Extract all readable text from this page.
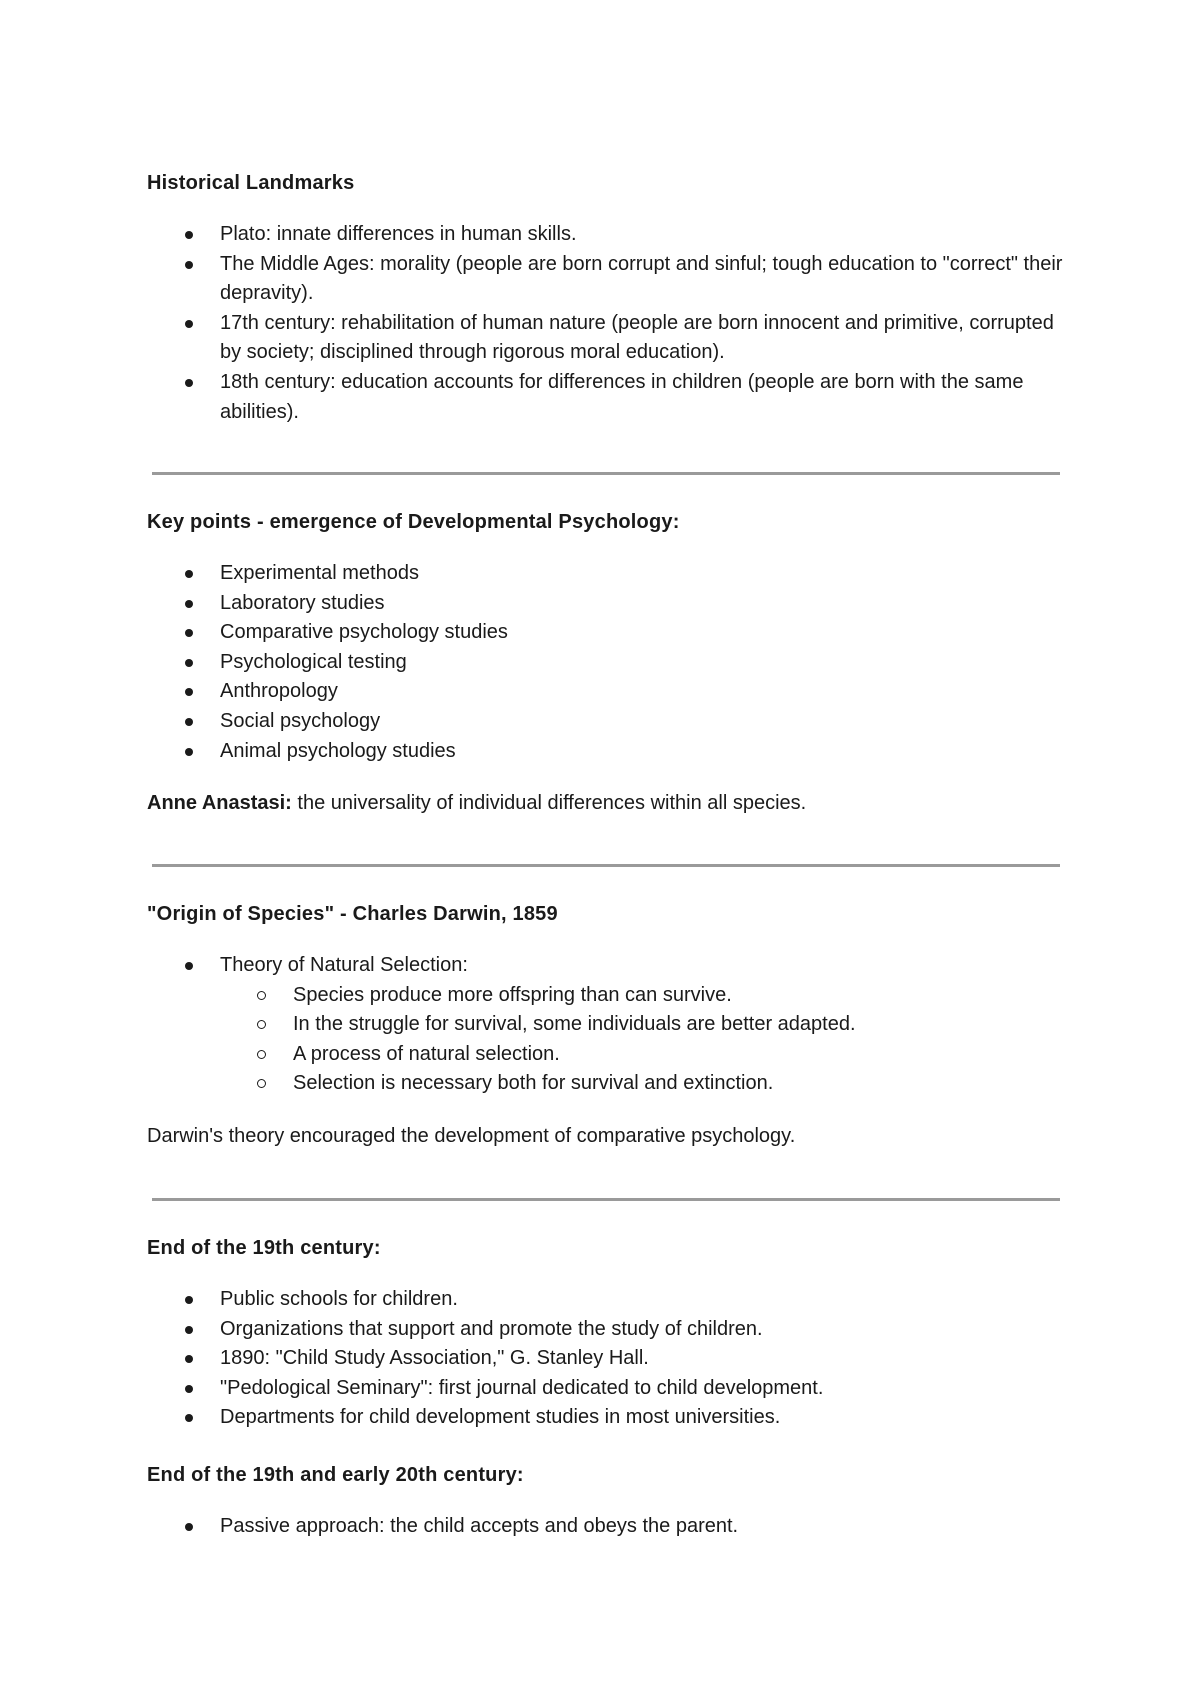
Historical Landmarks

Plato: innate differences in human skills.
The Middle Ages: morality (people are born corrupt and sinful; tough education to "correct" their depravity).
17th century: rehabilitation of human nature (people are born innocent and primitive, corrupted by society; disciplined through rigorous moral education).
18th century: education accounts for differences in children (people are born with the same abilities).

Key points - emergence of Developmental Psychology:

Experimental methods
Laboratory studies
Comparative psychology studies
Psychological testing
Anthropology
Social psychology
Animal psychology studies

Anne Anastasi: the universality of individual differences within all species.

"Origin of Species" - Charles Darwin, 1859

Theory of Natural Selection:
Species produce more offspring than can survive.
In the struggle for survival, some individuals are better adapted.
A process of natural selection.
Selection is necessary both for survival and extinction.

Darwin's theory encouraged the development of comparative psychology.

End of the 19th century:

Public schools for children.
Organizations that support and promote the study of children.
1890: "Child Study Association," G. Stanley Hall.
"Pedological Seminary": first journal dedicated to child development.
Departments for child development studies in most universities.

End of the 19th and early 20th century:

Passive approach: the child accepts and obeys the parent.
